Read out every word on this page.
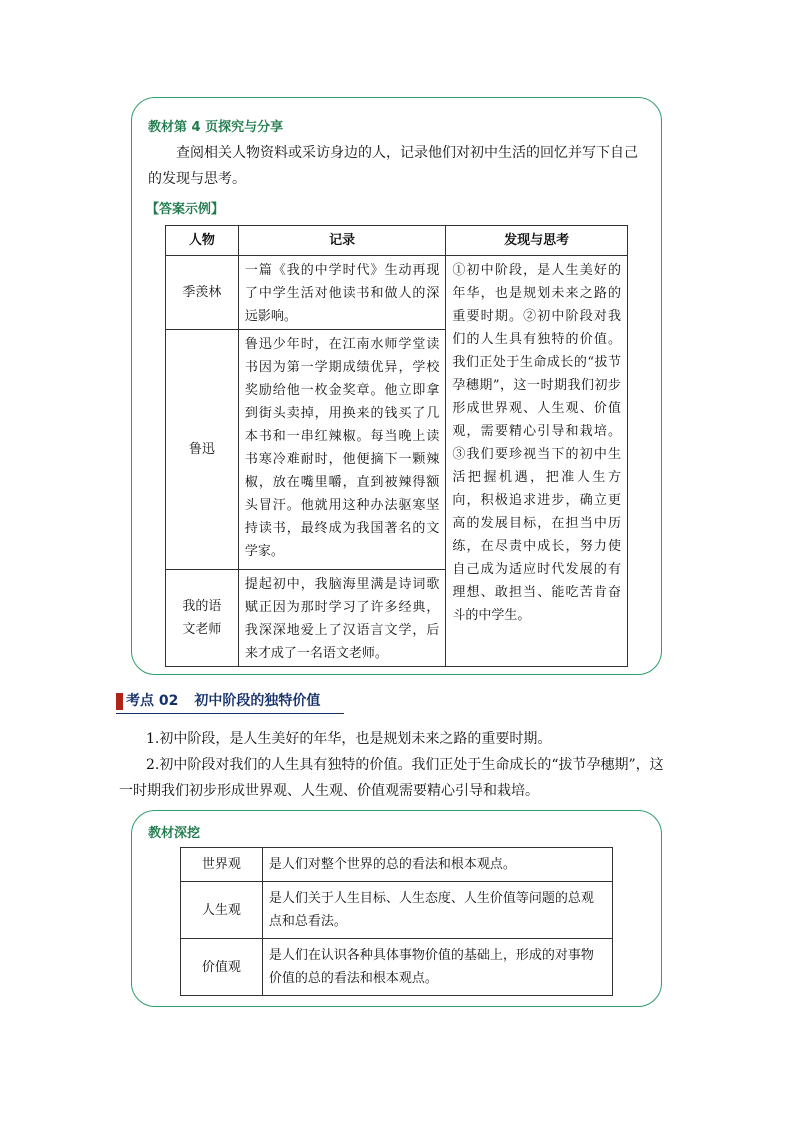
教材第 4 页探究与分享
查阅相关人物资料或采访身边的人，记录他们对初中生活的回忆并写下自己
的发现与思考。
【答案示例】
人物	记录	发现与思考
季羡林	一篇《我的中学时代》生动再现了中学生活对他读书和做人的深远影响。	①初中阶段，是人生美好的年华，也是规划未来之路的重要时期。②初中阶段对我们的人生具有独特的价值。我们正处于生命成长的“拔节孕穗期”，这一时期我们初步形成世界观、人生观、价值观，需要精心引导和栽培。③我们要珍视当下的初中生活把握机遇，把准人生方向，积极追求进步，确立更高的发展目标，在担当中历练，在尽责中成长，努力使自己成为适应时代发展的有理想、敢担当、能吃苦肯奋斗的中学生。
鲁迅	鲁迅少年时，在江南水师学堂读书因为第一学期成绩优异，学校奖励给他一枚金奖章。他立即拿到街头卖掉，用换来的钱买了几本书和一串红辣椒。每当晚上读书寒冷难耐时，他便摘下一颗辣椒，放在嘴里嚼，直到被辣得额头冒汗。他就用这种办法驱寒坚持读书，最终成为我国著名的文学家。	
我的语文老师	提起初中，我脑海里满是诗词歌赋正因为那时学习了许多经典，我深深地爱上了汉语言文学，后来才成了一名语文老师。	
考点 02 初中阶段的独特价值
1.初中阶段，是人生美好的年华，也是规划未来之路的重要时期。
2.初中阶段对我们的人生具有独特的价值。我们正处于生命成长的“拔节孕穗期”，这
一时期我们初步形成世界观、人生观、价值观需要精心引导和栽培。
教材深挖
世界观	是人们对整个世界的总的看法和根本观点。
人生观	是人们关于人生目标、人生态度、人生价值等问题的总观点和总看法。
价值观	是人们在认识各种具体事物价值的基础上，形成的对事物价值的总的看法和根本观点。
